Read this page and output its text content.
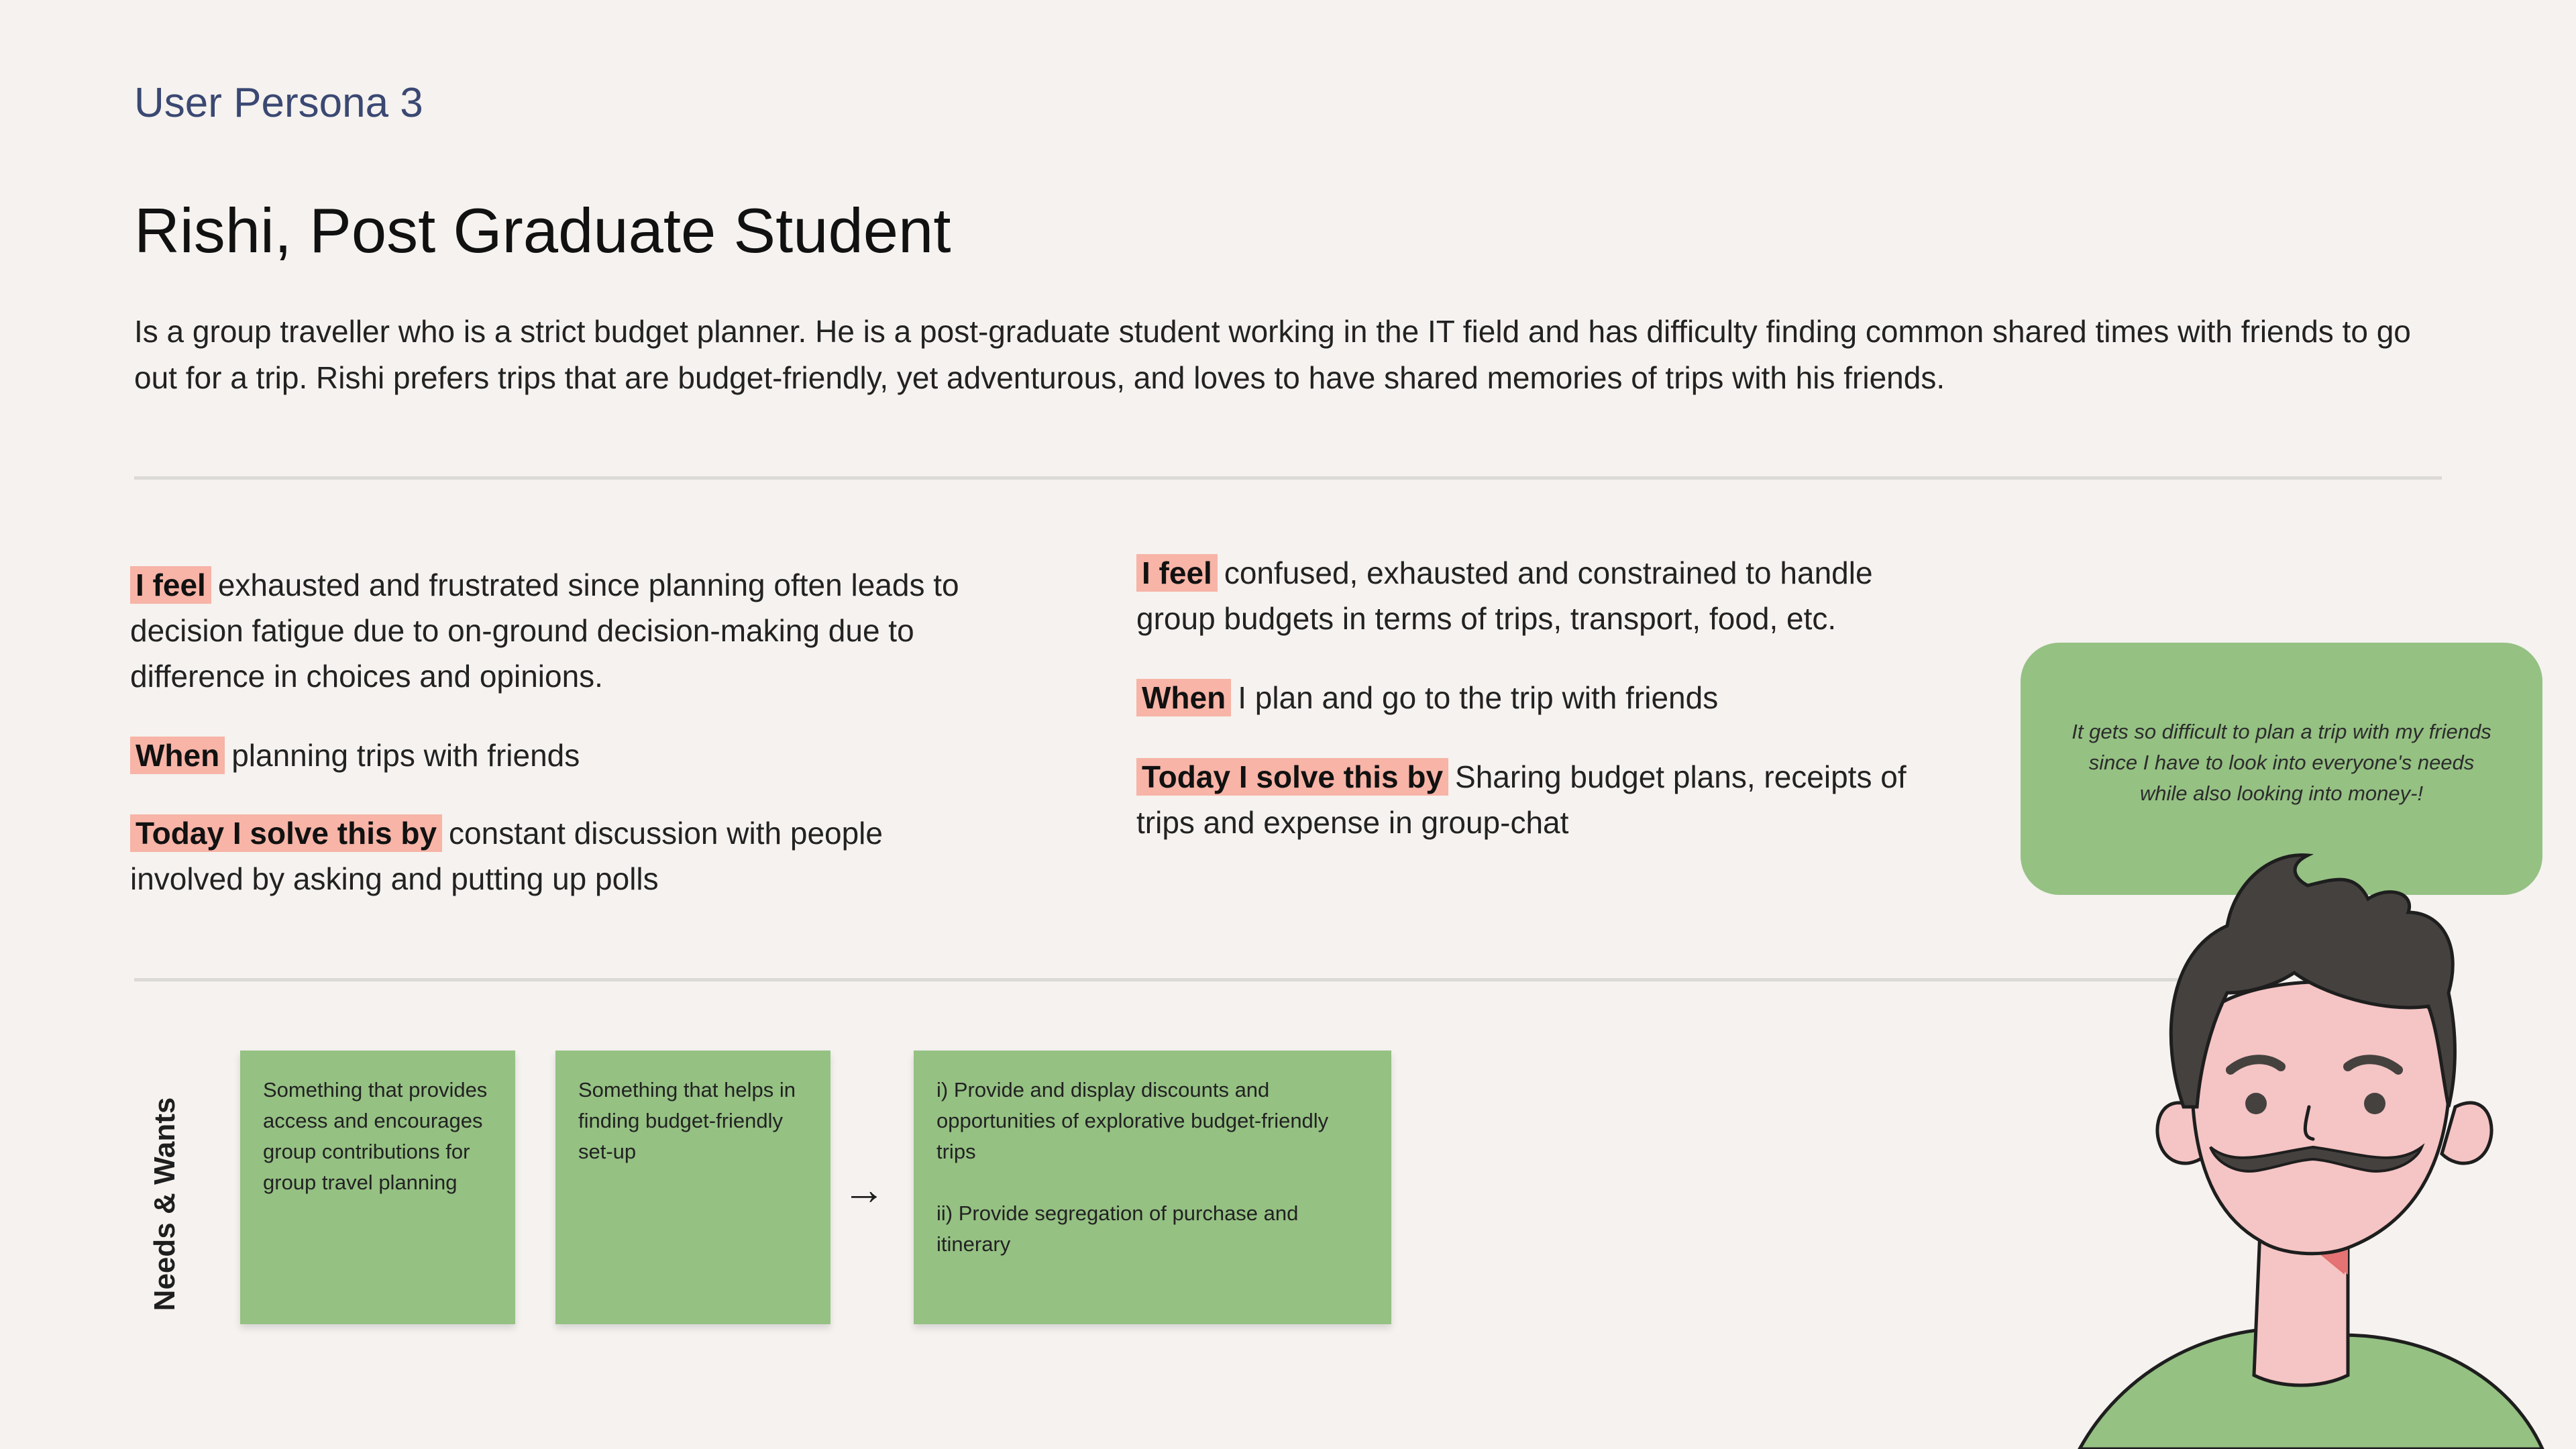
User Persona 3
Rishi, Post Graduate Student
Is a group traveller who is a strict budget planner. He is a post-graduate student working in the IT field and has difficulty finding common shared times with friends to go out for a trip. Rishi prefers trips that are budget-friendly, yet adventurous, and loves to have shared memories of trips with his friends.
I feel exhausted and frustrated since planning often leads to decision fatigue due to on-ground decision-making due to difference in choices and opinions.
When planning trips with friends
Today I solve this by constant discussion with people involved by asking and putting up polls
I feel confused, exhausted and constrained to handle group budgets in terms of trips, transport, food, etc.
When I plan and go to the trip with friends
Today I solve this by Sharing budget plans, receipts of trips and expense in group-chat
Needs & Wants
Something that provides access and encourages group contributions for group travel planning
Something that helps in finding budget-friendly set-up
→
i) Provide and display discounts and opportunities of explorative budget-friendly trips
ii) Provide segregation of purchase and itinerary
It gets so difficult to plan a trip with my friends since I have to look into everyone's needs while also looking into money-!
